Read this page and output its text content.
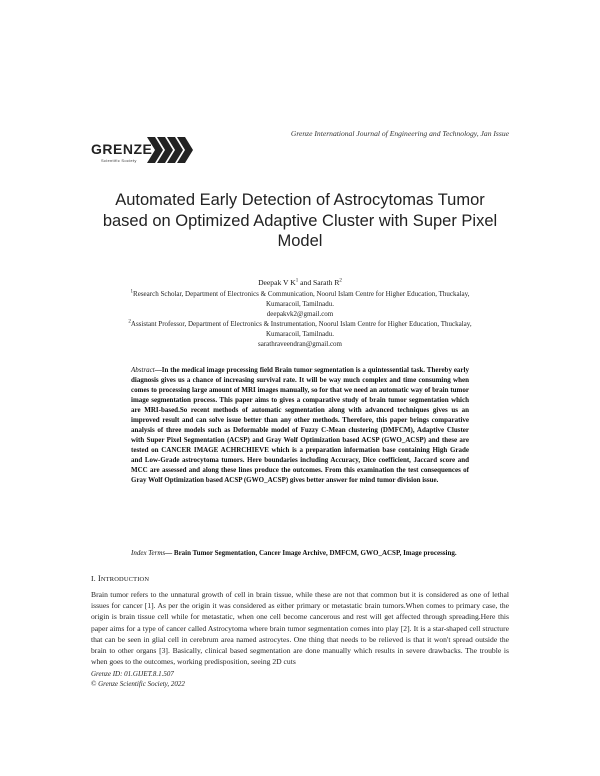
GRENZE
Scientific Society
Grenze International Journal of Engineering and Technology, Jan Issue
Automated Early Detection of Astrocytomas Tumor
based on Optimized Adaptive Cluster with Super Pixel
Model
Deepak V $K^1$ and Sarath $R^2$
$^1$Research Scholar, Department of Electronics & Communication, Noorul Islam Centre for Higher Education, Thuckalay,
Kumaracoil, Tamilnadu.
deepakvk2@gmail.com
$^2$Assistant Professor, Department of Electronics & Instrumentation, Noorul Islam Centre for Higher Education, Thuckalay,
Kumaracoil, Tamilnadu.
sarathraveendran@gmail.com
Abstract—In the medical image processing field Brain tumor segmentation is a quintessential task. Thereby early diagnosis gives us a chance of increasing survival rate. It will be way much complex and time consuming when comes to processing large amount of MRI images manually, so for that we need an automatic way of brain tumor image segmentation process. This paper aims to gives a comparative study of brain tumor segmentation which are MRI-based.So recent methods of automatic segmentation along with advanced techniques gives us an improved result and can solve issue better than any other methods. Therefore, this paper brings comparative analysis of three models such as Deformable model of Fuzzy C-Mean clustering (DMFCM), Adaptive Cluster with Super Pixel Segmentation (ACSP) and Gray Wolf Optimization based ACSP (GWO_ACSP) and these are tested on CANCER IMAGE ACHRCHIEVE which is a preparation information base containing High Grade and Low-Grade astrocytoma tumors. Here boundaries including Accuracy, Dice coefficient, Jaccard score and MCC are assessed and along these lines produce the outcomes. From this examination the test consequences of Gray Wolf Optimization based ACSP (GWO_ACSP) gives better answer for mind tumor division issue.
Index Terms— Brain Tumor Segmentation, Cancer Image Archive, DMFCM, GWO_ACSP, Image processing.
I. INTRODUCTION
Brain tumor refers to the unnatural growth of cell in brain tissue, while these are not that common but it is considered as one of lethal issues for cancer [1]. As per the origin it was considered as either primary or metastatic brain tumors.When comes to primary case, the origin is brain tissue cell while for metastatic, when one cell become cancerous and rest will get affected through spreading.Here this paper aims for a type of cancer called Astrocytoma where brain tumor segmentation comes into play [2]. It is a star-shaped cell structure that can be seen in glial cell in cerebrum area named astrocytes. One thing that needs to be relieved is that it won't spread outside the brain to other organs [3]. Basically, clinical based segmentation are done manually which results in severe drawbacks. The trouble is when goes to the outcomes, working predisposition, seeing 2D cuts
Grenze ID: 01.GIJET.8.1.507
© Grenze Scientific Society, 2022
